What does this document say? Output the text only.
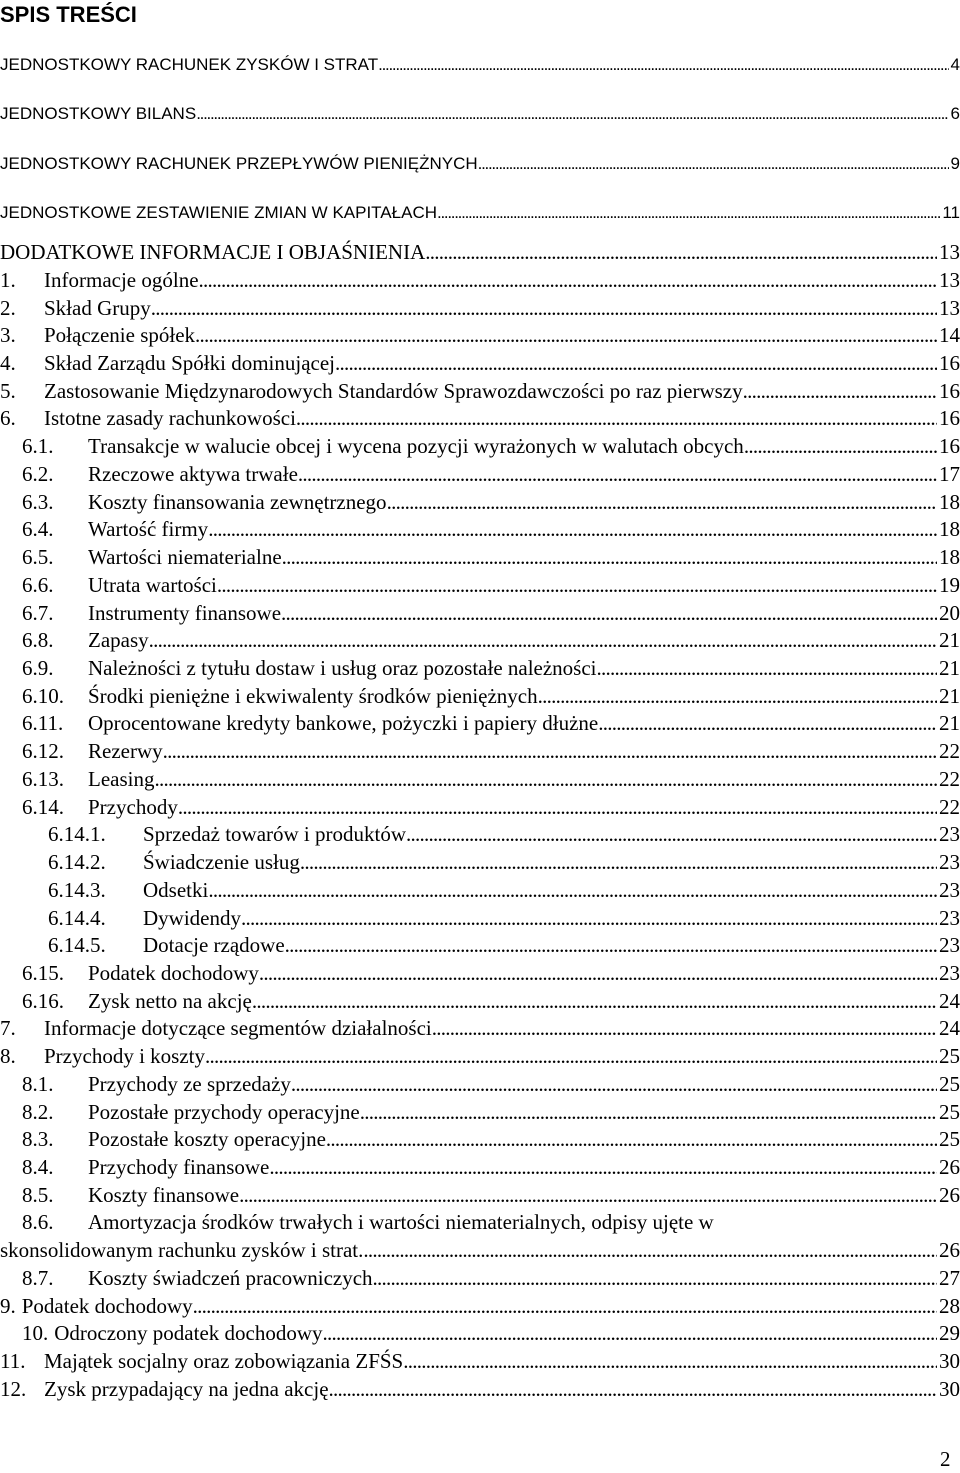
SPIS TREŚCI
JEDNOSTKOWY RACHUNEK ZYSKÓW I STRAT . . .	4
JEDNOSTKOWY BILANS . . .	6
JEDNOSTKOWY RACHUNEK PRZEPŁYWÓW PIENIĘŻNYCH . . .	9
JEDNOSTKOWE ZESTAWIENIE ZMIAN W KAPITAŁACH . . .	11
DODATKOWE INFORMACJE I OBJAŚNIENIA . . .	13
1.	Informacje ogólne . . .	13
2.	Skład Grupy . . .	13
3.	Połączenie spółek . . .	14
4.	Skład Zarządu Spółki dominującej . . .	16
5.	Zastosowanie Międzynarodowych Standardów Sprawozdawczości po raz pierwszy . . .	16
6.	Istotne zasady rachunkowości . . .	16
6.1.	Transakcje w walucie obcej i wycena pozycji wyrażonych w walutach obcych . . .	16
6.2.	Rzeczowe aktywa trwałe . . .	17
6.3.	Koszty finansowania zewnętrznego . . .	18
6.4.	Wartość firmy . . .	18
6.5.	Wartości niematerialne . . .	18
6.6.	Utrata wartości . . .	19
6.7.	Instrumenty finansowe . . .	20
6.8.	Zapasy . . .	21
6.9.	Należności z tytułu dostaw i usług oraz pozostałe należności . . .	21
6.10.	Środki pieniężne i ekwiwalenty środków pieniężnych . . .	21
6.11.	Oprocentowane kredyty bankowe, pożyczki i papiery dłużne . . .	21
6.12.	Rezerwy . . .	22
6.13.	Leasing . . .	22
6.14.	Przychody . . .	22
6.14.1.	Sprzedaż towarów i produktów . . .	23
6.14.2.	Świadczenie usług . . .	23
6.14.3.	Odsetki . . .	23
6.14.4.	Dywidendy . . .	23
6.14.5.	Dotacje rządowe . . .	23
6.15.	Podatek dochodowy . . .	23
6.16.	Zysk netto na akcję . . .	24
7.	Informacje dotyczące segmentów działalności . . .	24
8.	Przychody i koszty . . .	25
8.1.	Przychody ze sprzedaży . . .	25
8.2.	Pozostałe przychody operacyjne . . .	25
8.3.	Pozostałe koszty operacyjne . . .	25
8.4.	Przychody finansowe . . .	26
8.5.	Koszty finansowe . . .	26
8.6.	Amortyzacja środków trwałych i wartości niematerialnych, odpisy ujęte w
skonsolidowanym rachunku zysków i strat. . . .	26
8.7.	Koszty świadczeń pracowniczych . . .	27
9. Podatek dochodowy . . .	28
10. Odroczony podatek dochodowy . . .	29
11. Majątek socjalny oraz zobowiązania ZFŚS . . .	30
12. Zysk przypadający na jedna akcję . . .	30
2
